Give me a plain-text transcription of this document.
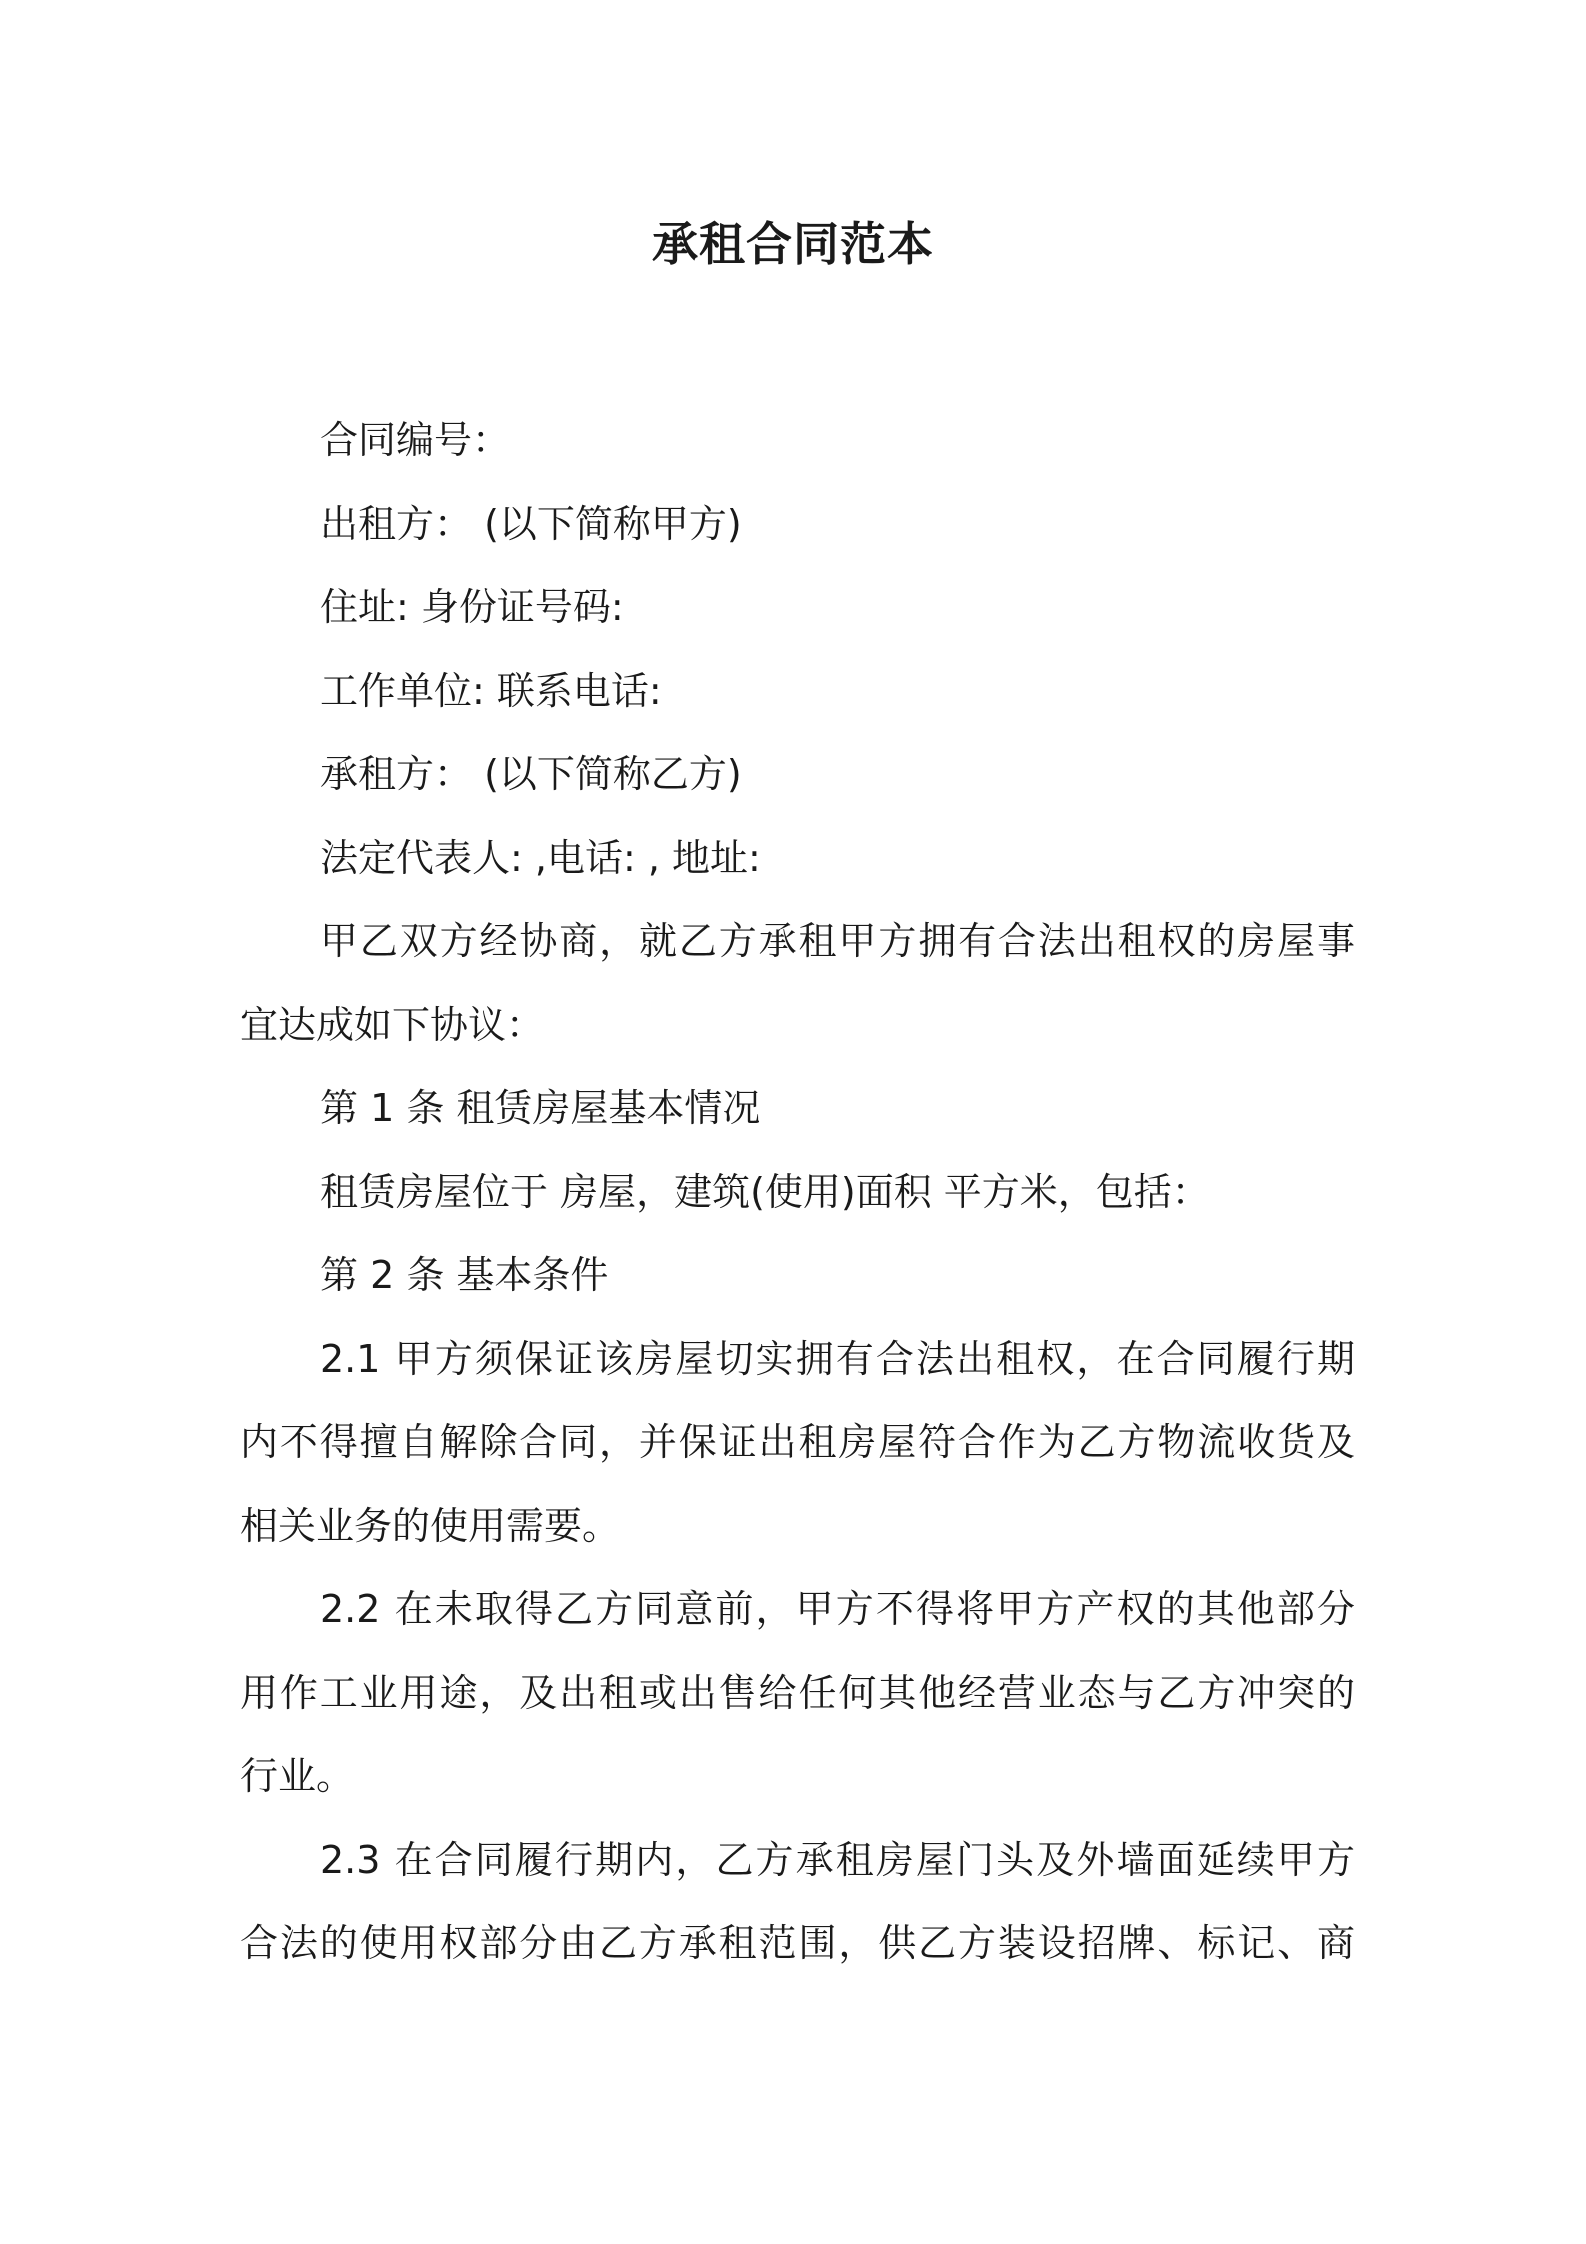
承租合同范本
合同编号：
出租方： (以下简称甲方)
住址: 身份证号码:
工作单位: 联系电话:
承租方： (以下简称乙方)
法定代表人: ,电话: , 地址:
甲乙双方经协商，就乙方承租甲方拥有合法出租权的房屋事
宜达成如下协议：
第 1 条 租赁房屋基本情况
租赁房屋位于 房屋，建筑(使用)面积 平方米，包括：
第 2 条 基本条件
2.1 甲方须保证该房屋切实拥有合法出租权，在合同履行期
内不得擅自解除合同，并保证出租房屋符合作为乙方物流收货及
相关业务的使用需要。
2.2 在未取得乙方同意前，甲方不得将甲方产权的其他部分
用作工业用途，及出租或出售给任何其他经营业态与乙方冲突的
行业。
2.3 在合同履行期内，乙方承租房屋门头及外墙面延续甲方
合法的使用权部分由乙方承租范围，供乙方装设招牌、标记、商
